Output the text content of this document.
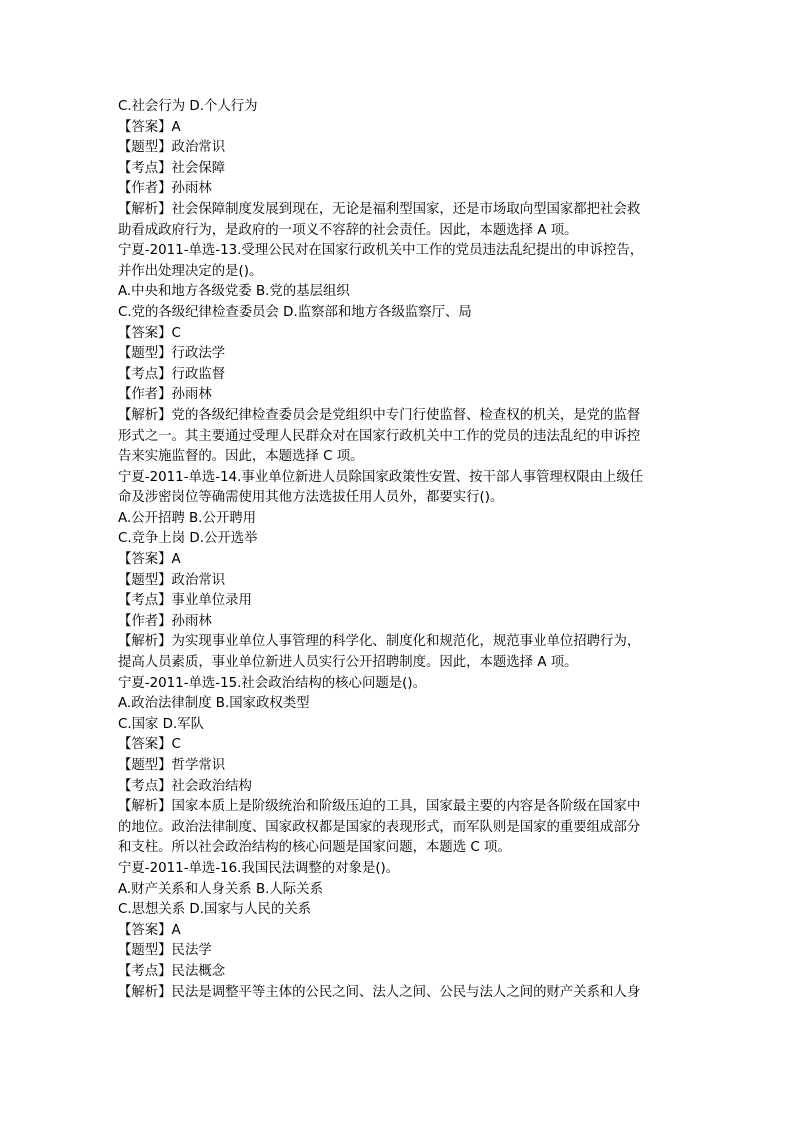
C.社会行为 D.个人行为

【答案】A

【题型】政治常识

【考点】社会保障

【作者】孙雨林

【解析】社会保障制度发展到现在，无论是福利型国家，还是市场取向型国家都把社会救

助看成政府行为，是政府的一项义不容辞的社会责任。因此，本题选择 A 项。

宁夏-2011-单选-13.受理公民对在国家行政机关中工作的党员违法乱纪提出的申诉控告，

并作出处理决定的是()。

A.中央和地方各级党委 B.党的基层组织

C.党的各级纪律检查委员会 D.监察部和地方各级监察厅、局

【答案】C

【题型】行政法学

【考点】行政监督

【作者】孙雨林

【解析】党的各级纪律检查委员会是党组织中专门行使监督、检查权的机关，是党的监督

形式之一。其主要通过受理人民群众对在国家行政机关中工作的党员的违法乱纪的申诉控

告来实施监督的。因此，本题选择 C 项。

宁夏-2011-单选-14.事业单位新进人员除国家政策性安置、按干部人事管理权限由上级任

命及涉密岗位等确需使用其他方法选拔任用人员外，都要实行()。

A.公开招聘 B.公开聘用

C.竞争上岗 D.公开选举

【答案】A

【题型】政治常识

【考点】事业单位录用

【作者】孙雨林

【解析】为实现事业单位人事管理的科学化、制度化和规范化，规范事业单位招聘行为，

提高人员素质，事业单位新进人员实行公开招聘制度。因此，本题选择 A 项。

宁夏-2011-单选-15.社会政治结构的核心问题是()。

A.政治法律制度 B.国家政权类型

C.国家 D.军队

【答案】C

【题型】哲学常识

【考点】社会政治结构

【解析】国家本质上是阶级统治和阶级压迫的工具，国家最主要的内容是各阶级在国家中

的地位。政治法律制度、国家政权都是国家的表现形式，而军队则是国家的重要组成部分

和支柱。所以社会政治结构的核心问题是国家问题，本题选 C 项。

宁夏-2011-单选-16.我国民法调整的对象是()。

A.财产关系和人身关系 B.人际关系

C.思想关系 D.国家与人民的关系

【答案】A

【题型】民法学

【考点】民法概念

【解析】民法是调整平等主体的公民之间、法人之间、公民与法人之间的财产关系和人身
